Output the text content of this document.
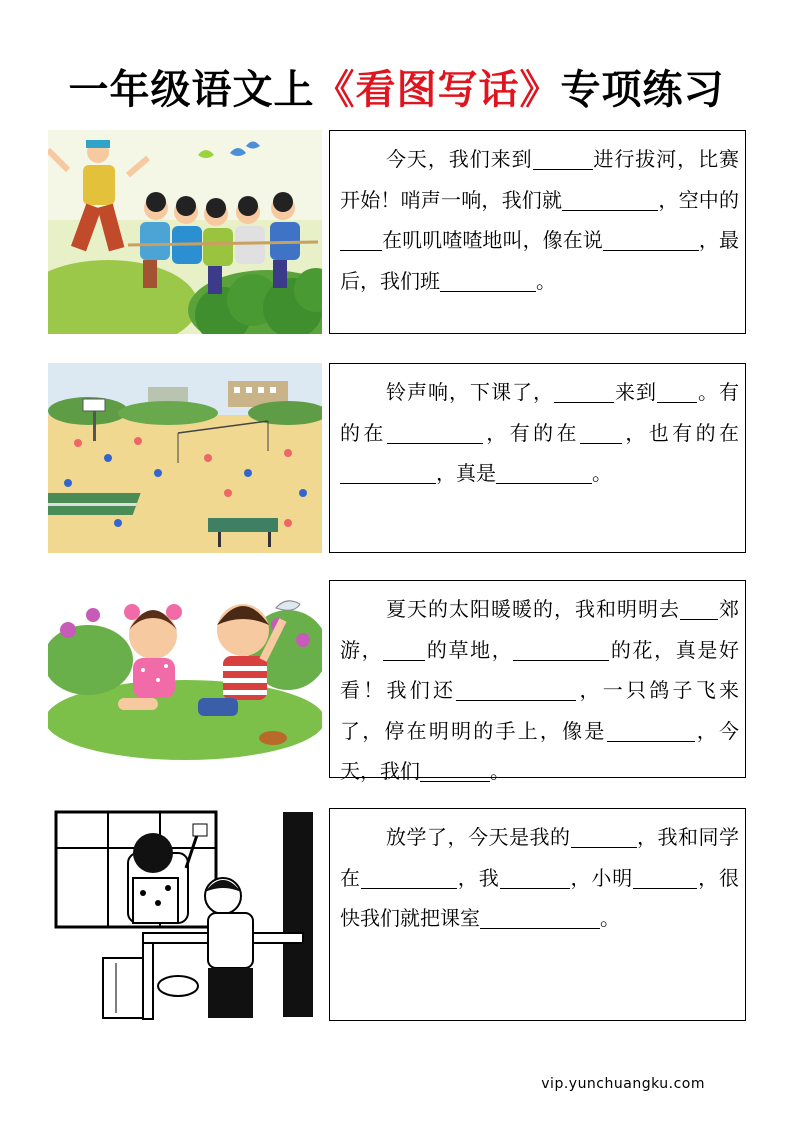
一年级语文上《看图写话》专项练习
今天，我们来到	进行拔河，比赛开始！哨声一响，我们就	，空中的在叽叽喳喳地叫，像在说	，最后，我们班	。
铃声响，下课了，	来到 。有的在	，有的在 ，也有的在，真是	。
夏天的太阳暖暖的，我和明明去 郊游， 的草地，	的花，真是好看！我们还	，一只鸽子飞来了，停在明明的手上，像是	，今天，我们	。
放学了，今天是我的	，我和同学在	，我	，小明	，很快我们就把课室	。
vip.yunchuangku.com
